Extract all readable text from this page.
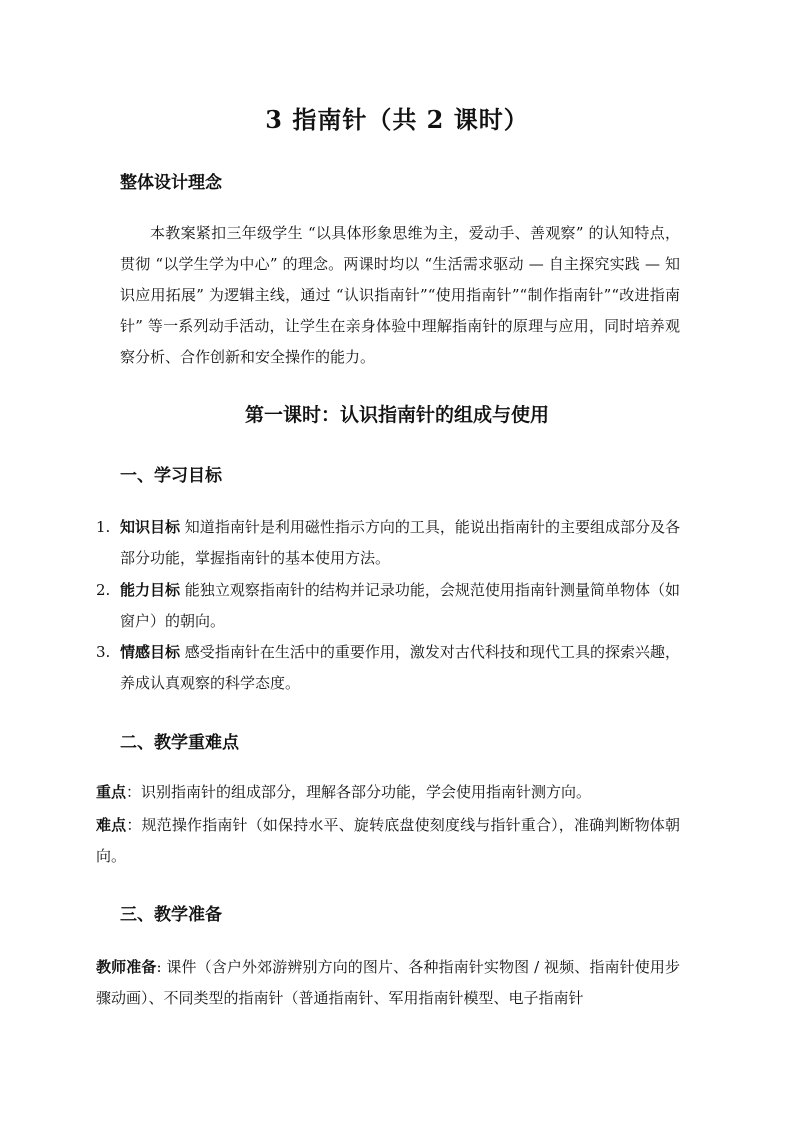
3 指南针（共 2 课时）
整体设计理念
本教案紧扣三年级学生 “以具体形象思维为主，爱动手、善观察” 的认知特点，贯彻 “以学生学为中心” 的理念。两课时均以 “生活需求驱动 — 自主探究实践 — 知识应用拓展” 为逻辑主线，通过 “认识指南针”“使用指南针”“制作指南针”“改进指南针” 等一系列动手活动，让学生在亲身体验中理解指南针的原理与应用，同时培养观察分析、合作创新和安全操作的能力。
第一课时：认识指南针的组成与使用
一、学习目标
1. 知识目标 知道指南针是利用磁性指示方向的工具，能说出指南针的主要组成部分及各部分功能，掌握指南针的基本使用方法。
2. 能力目标 能独立观察指南针的结构并记录功能，会规范使用指南针测量简单物体（如窗户）的朝向。
3. 情感目标 感受指南针在生活中的重要作用，激发对古代科技和现代工具的探索兴趣，养成认真观察的科学态度。
二、教学重难点
重点：识别指南针的组成部分，理解各部分功能，学会使用指南针测方向。
难点：规范操作指南针（如保持水平、旋转底盘使刻度线与指针重合），准确判断物体朝向。
三、教学准备
教师准备: 课件（含户外郊游辨别方向的图片、各种指南针实物图 / 视频、指南针使用步骤动画）、不同类型的指南针（普通指南针、军用指南针模型、电子指南针
